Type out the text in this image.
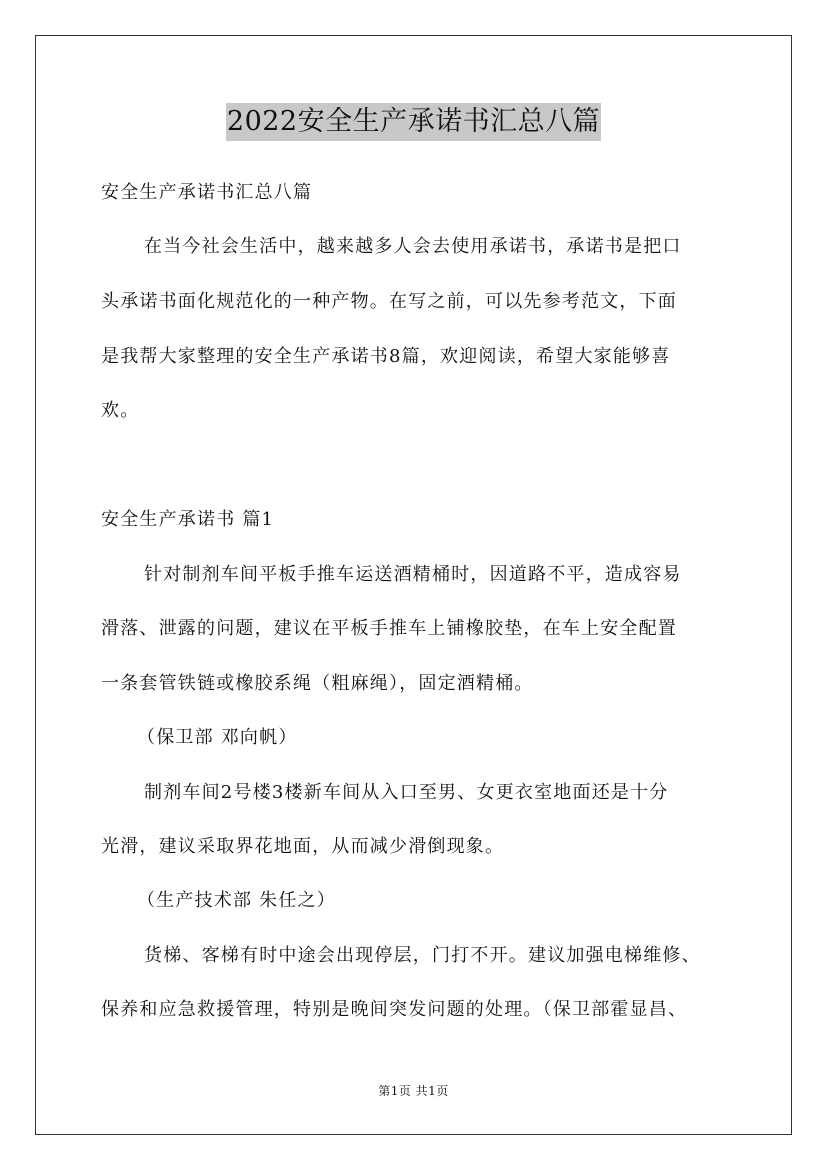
2022安全生产承诺书汇总八篇
安全生产承诺书汇总八篇
在当今社会生活中，越来越多人会去使用承诺书，承诺书是把口
头承诺书面化规范化的一种产物。在写之前，可以先参考范文，下面
是我帮大家整理的安全生产承诺书8篇，欢迎阅读，希望大家能够喜
欢。
安全生产承诺书 篇1
针对制剂车间平板手推车运送酒精桶时，因道路不平，造成容易
滑落、泄露的问题，建议在平板手推车上铺橡胶垫，在车上安全配置
一条套管铁链或橡胶系绳（粗麻绳），固定酒精桶。
（保卫部 邓向帆）
制剂车间2号楼3楼新车间从入口至男、女更衣室地面还是十分
光滑，建议采取界花地面，从而减少滑倒现象。
（生产技术部 朱任之）
货梯、客梯有时中途会出现停层，门打不开。建议加强电梯维修、
保养和应急救援管理，特别是晚间突发问题的处理。（保卫部霍显昌、
第1页 共1页
